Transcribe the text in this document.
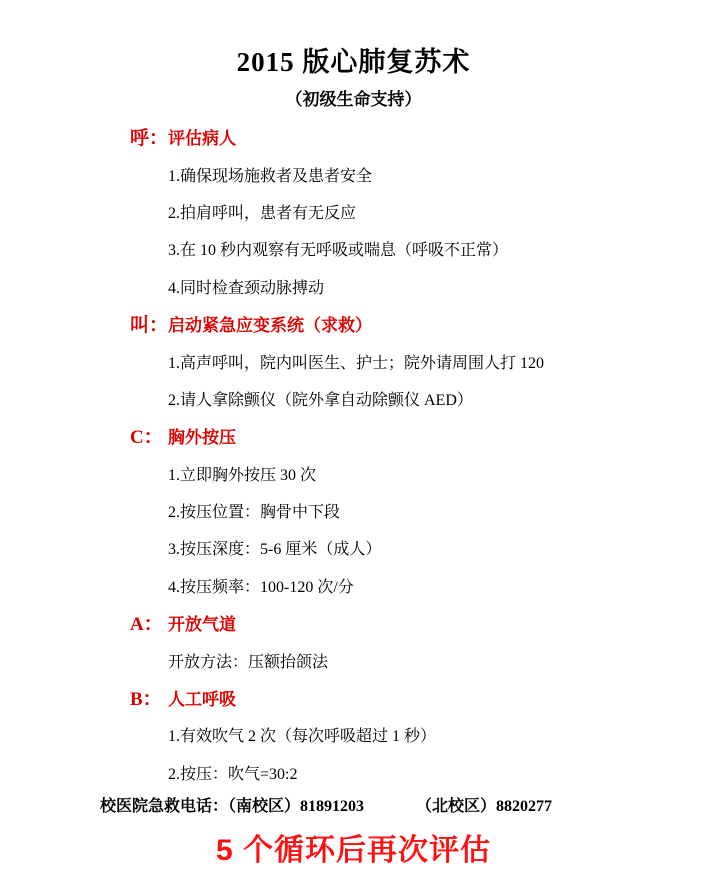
2015 版心肺复苏术
（初级生命支持）
呼： 评估病人
1.确保现场施救者及患者安全
2.拍肩呼叫，患者有无反应
3.在 10 秒内观察有无呼吸或喘息（呼吸不正常）
4.同时检查颈动脉搏动
叫： 启动紧急应变系统（求救）
1.高声呼叫，院内叫医生、护士；院外请周围人打 120
2.请人拿除颤仪（院外拿自动除颤仪 AED）
C： 胸外按压
1.立即胸外按压 30 次
2.按压位置：胸骨中下段
3.按压深度：5-6 厘米（成人）
4.按压频率：100-120 次/分
A： 开放气道
开放方法：压额抬颌法
B： 人工呼吸
1.有效吹气 2 次（每次呼吸超过 1 秒）
2.按压：吹气=30:2
校医院急救电话：（南校区）81891203	（北校区）8820277
5 个循环后再次评估
